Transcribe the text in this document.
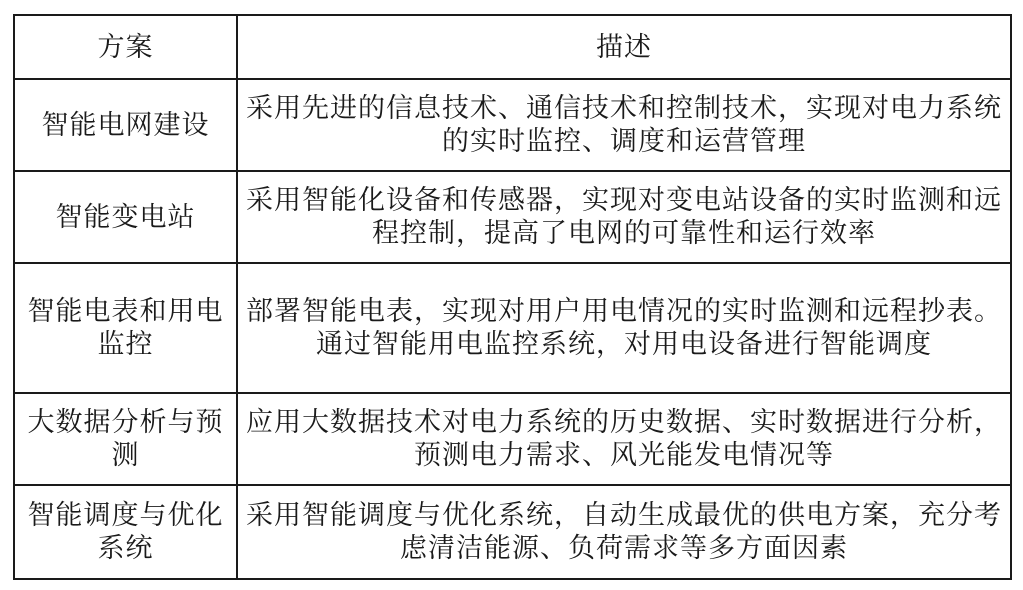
方案	描述
智能电网建设	采用先进的信息技术、通信技术和控制技术，实现对电力系统的实时监控、调度和运营管理
智能变电站	采用智能化设备和传感器，实现对变电站设备的实时监测和远程控制，提高了电网的可靠性和运行效率
智能电表和用电监控	部署智能电表，实现对用户用电情况的实时监测和远程抄表。通过智能用电监控系统，对用电设备进行智能调度
大数据分析与预测	应用大数据技术对电力系统的历史数据、实时数据进行分析，预测电力需求、风光能发电情况等
智能调度与优化系统	采用智能调度与优化系统，自动生成最优的供电方案，充分考虑清洁能源、负荷需求等多方面因素
